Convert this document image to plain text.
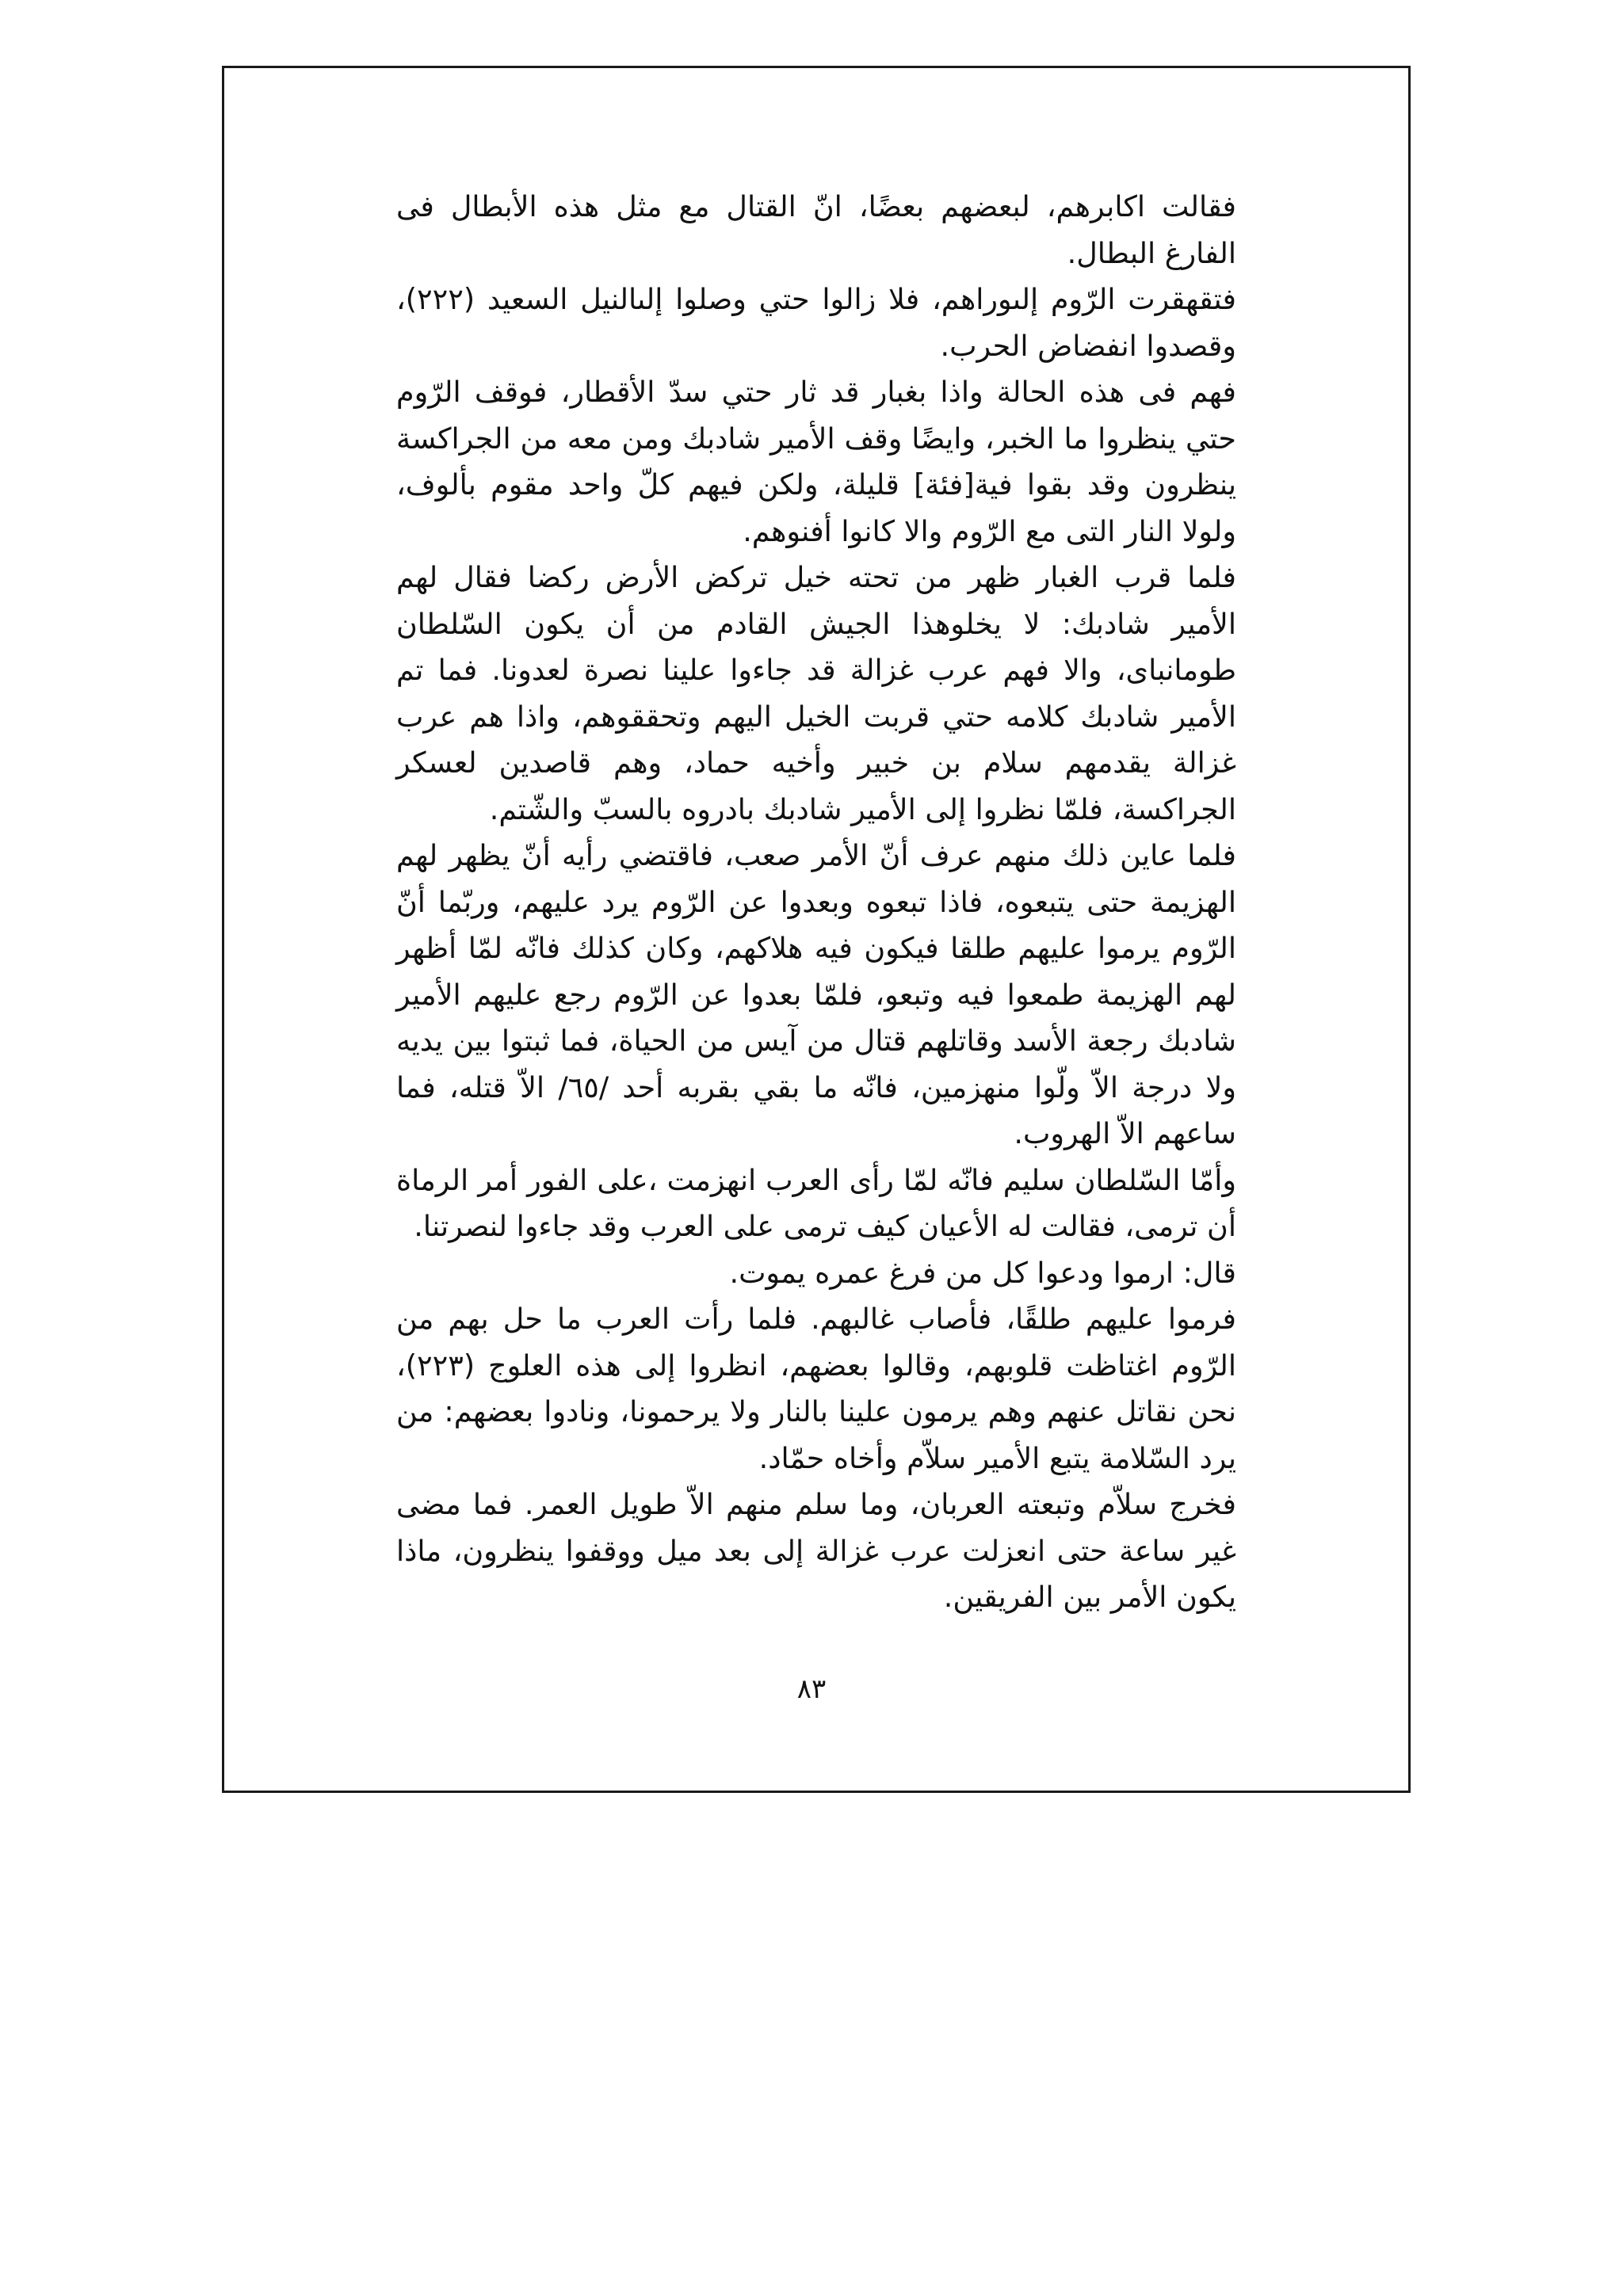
فقالت اكابرهم، لبعضهم بعضًا، انّ القتال مع مثل هذه الأبطال فى الفارغ البطال.

فتقهقرت الرّوم إلىوراهم، فلا زالوا حتي وصلوا إلىالنيل السعيد (٢٢٢)، وقصدوا انفضاض الحرب.

فهم فى هذه الحالة واذا بغبار قد ثار حتي سدّ الأقطار، فوقف الرّوم حتي ينظروا ما الخبر، وايضًا وقف الأمير شادبك ومن معه من الجراكسة ينظرون وقد بقوا فية[فئة] قليلة، ولكن فيهم كلّ واحد مقوم بألوف، ولولا النار التى مع الرّوم والا كانوا أفنوهم.

فلما قرب الغبار ظهر من تحته خيل تركض الأرض ركضا فقال لهم الأمير شادبك: لا يخلوهذا الجيش القادم من أن يكون السّلطان طومانباى، والا فهم عرب غزالة قد جاءوا علينا نصرة لعدونا. فما تم الأمير شادبك كلامه حتي قربت الخيل اليهم وتحققوهم، واذا هم عرب غزالة يقدمهم سلام بن خبير وأخيه حماد، وهم قاصدين لعسكر الجراكسة، فلمّا نظروا إلى الأمير شادبك بادروه بالسبّ والشّتم.

فلما عاين ذلك منهم عرف أنّ الأمر صعب، فاقتضي رأيه أنّ يظهر لهم الهزيمة حتى يتبعوه، فاذا تبعوه وبعدوا عن الرّوم يرد عليهم، وربّما أنّ الرّوم يرموا عليهم طلقا فيكون فيه هلاكهم، وكان كذلك فانّه لمّا أظهر لهم الهزيمة طمعوا فيه وتبعو، فلمّا بعدوا عن الرّوم رجع عليهم الأمير شادبك رجعة الأسد وقاتلهم قتال من آيس من الحياة، فما ثبتوا بين يديه ولا درجة الاّ ولّوا منهزمين، فانّه ما بقي بقربه أحد /٦٥/ الاّ قتله، فما ساعهم الاّ الهروب.

وأمّا السّلطان سليم فانّه لمّا رأى العرب انهزمت ،على الفور أمر الرماة أن ترمى، فقالت له الأعيان كيف ترمى على العرب وقد جاءوا لنصرتنا.

قال: ارموا ودعوا كل من فرغ عمره يموت.

فرموا عليهم طلقًا، فأصاب غالبهم. فلما رأت العرب ما حل بهم من الرّوم اغتاظت قلوبهم، وقالوا بعضهم، انظروا إلى هذه العلوج (٢٢٣)، نحن نقاتل عنهم وهم يرمون علينا بالنار ولا يرحمونا، ونادوا بعضهم: من يرد السّلامة يتبع الأمير سلاّم وأخاه حمّاد.

فخرج سلاّم وتبعته العربان، وما سلم منهم الاّ طويل العمر. فما مضى غير ساعة حتى انعزلت عرب غزالة إلى بعد ميل ووقفوا ينظرون، ماذا يكون الأمر بين الفريقين.

٨٣
